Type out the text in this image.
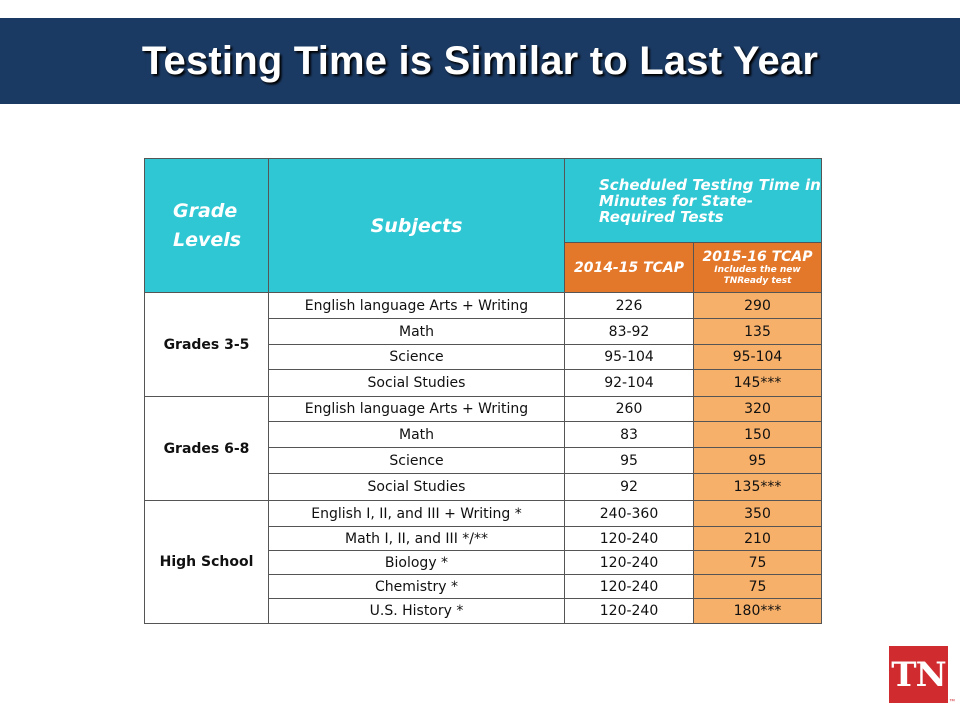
Testing Time is Similar to Last Year
Grade Levels	Subjects	Scheduled Testing Time in Minutes for State-Required Tests	
		2014-15 TCAP	2015-16 TCAP
Includes the new TNReady test

Grades 3-5	English language Arts + Writing	226	290
	Math	83-92	135
	Science	95-104	95-104
	Social Studies	92-104	145***
Grades 6-8	English language Arts + Writing	260	320
	Math	83	150
	Science	95	95
	Social Studies	92	135***
High School	English I, II, and III + Writing *	240-360	350
	Math I, II, and III */**	120-240	210
	Biology *	120-240	75
	Chemistry *	120-240	75
	U.S. History *	120-240	180***
TN
™
